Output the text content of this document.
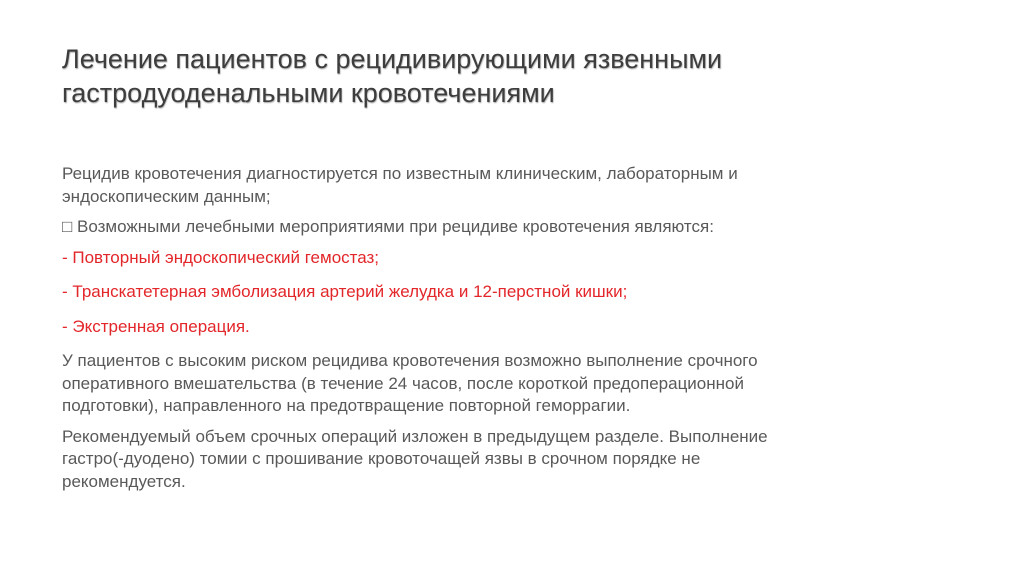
Лечение пациентов с рецидивирующими язвенными
гастродуоденальными кровотечениями

Рецидив кровотечения диагностируется по известным клиническим, лабораторным и
эндоскопическим данным;

□ Возможными лечебными мероприятиями при рецидиве кровотечения являются:

- Повторный эндоскопический гемостаз;

- Транскатетерная эмболизация артерий желудка и 12-перстной кишки;

- Экстренная операция.

У пациентов с высоким риском рецидива кровотечения возможно выполнение срочного
оперативного вмешательства (в течение 24 часов, после короткой предоперационной
подготовки), направленного на предотвращение повторной геморрагии.

Рекомендуемый объем срочных операций изложен в предыдущем разделе. Выполнение
гастро(-дуодено) томии с прошивание кровоточащей язвы в срочном порядке не
рекомендуется.
